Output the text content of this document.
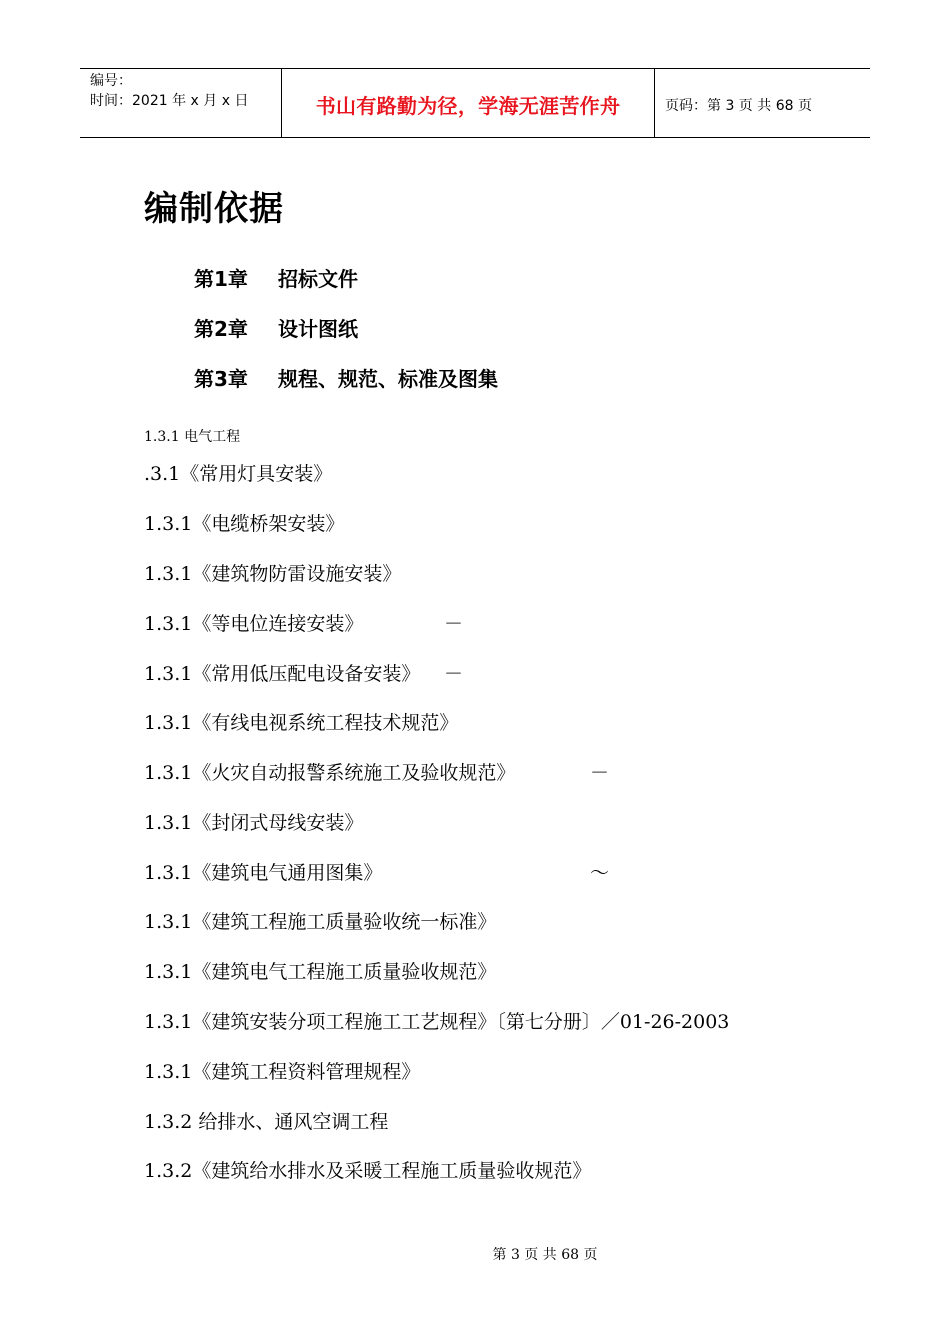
编号：
时间：2021 年 x 月 x 日	书山有路勤为径，学海无涯苦作舟	页码：第 3 页 共 68 页
编制依据
第1章 招标文件
第2章 设计图纸
第3章 规程、规范、标准及图集
1.3.1 电气工程
.3.1《常用灯具安装》
1.3.1《电缆桥架安装》
1.3.1《建筑物防雷设施安装》
1.3.1《等电位连接安装》
1.3.1《常用低压配电设备安装》
1.3.1《有线电视系统工程技术规范》
1.3.1《火灾自动报警系统施工及验收规范》
1.3.1《封闭式母线安装》
1.3.1《建筑电气通用图集》
1.3.1《建筑工程施工质量验收统一标准》
1.3.1《建筑电气工程施工质量验收规范》
1.3.1《建筑安装分项工程施工工艺规程》〔第七分册〕／01-26-2003
1.3.1《建筑工程资料管理规程》
1.3.2 给排水、通风空调工程
1.3.2《建筑给水排水及采暖工程施工质量验收规范》
－
－
－
～
第 3 页 共 68 页
